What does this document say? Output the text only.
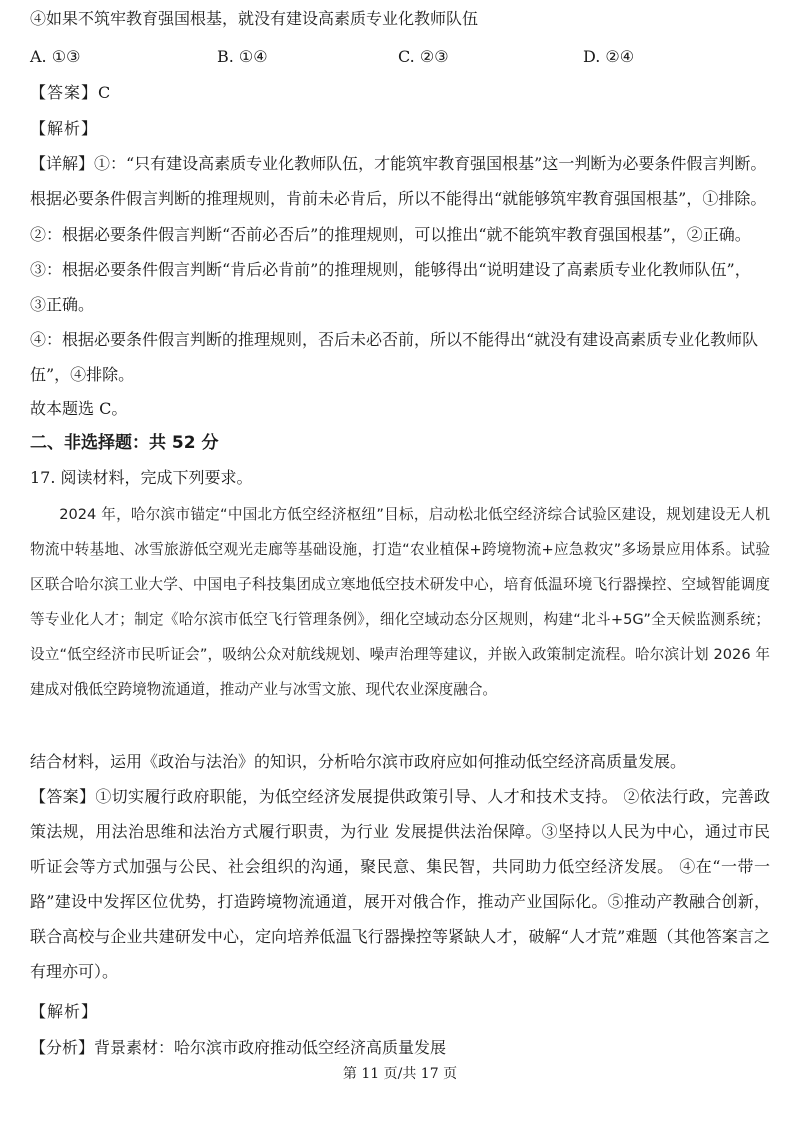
④如果不筑牢教育强国根基，就没有建设高素质专业化教师队伍
A. ①③	B. ①④	C. ②③	D. ②④
【答案】C
【解析】
【详解】①：“只有建设高素质专业化教师队伍，才能筑牢教育强国根基”这一判断为必要条件假言判断。
根据必要条件假言判断的推理规则，肯前未必肯后，所以不能得出“就能够筑牢教育强国根基”，①排除。
②：根据必要条件假言判断“否前必否后”的推理规则，可以推出“就不能筑牢教育强国根基”，②正确。
③：根据必要条件假言判断“肯后必肯前”的推理规则，能够得出“说明建设了高素质专业化教师队伍”，
③正确。
④：根据必要条件假言判断的推理规则，否后未必否前，所以不能得出“就没有建设高素质专业化教师队
伍”，④排除。
故本题选 C。
二、非选择题：共 52 分
17. 阅读材料，完成下列要求。
2024 年，哈尔滨市锚定“中国北方低空经济枢纽”目标，启动松北低空经济综合试验区建设，规划建设无人机物流中转基地、冰雪旅游低空观光走廊等基础设施，打造“农业植保+跨境物流+应急救灾”多场景应用体系。试验区联合哈尔滨工业大学、中国电子科技集团成立寒地低空技术研发中心，培育低温环境飞行器操控、空域智能调度等专业化人才；制定《哈尔滨市低空飞行管理条例》，细化空域动态分区规则，构建“北斗+5G”全天候监测系统；设立“低空经济市民听证会”，吸纳公众对航线规划、噪声治理等建议，并嵌入政策制定流程。哈尔滨计划 2026 年建成对俄低空跨境物流通道，推动产业与冰雪文旅、现代农业深度融合。
结合材料，运用《政治与法治》的知识，分析哈尔滨市政府应如何推动低空经济高质量发展。
【答案】①切实履行政府职能，为低空经济发展提供政策引导、人才和技术支持。 ②依法行政，完善政策法规，用法治思维和法治方式履行职责，为行业 发展提供法治保障。③坚持以人民为中心，通过市民听证会等方式加强与公民、社会组织的沟通，聚民意、集民智，共同助力低空经济发展。 ④在“一带一路”建设中发挥区位优势，打造跨境物流通道，展开对俄合作，推动产业国际化。⑤推动产教融合创新，联合高校与企业共建研发中心，定向培养低温飞行器操控等紧缺人才，破解“人才荒”难题（其他答案言之有理亦可）。
【解析】
【分析】背景素材：哈尔滨市政府推动低空经济高质量发展
第 11 页/共 17 页
